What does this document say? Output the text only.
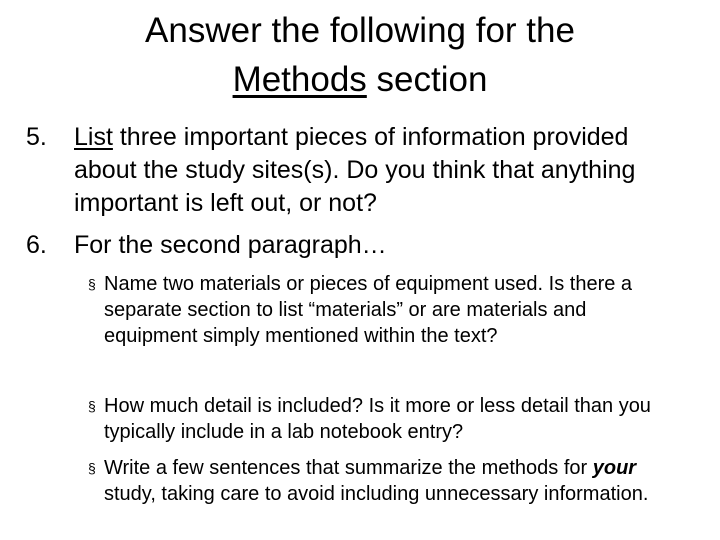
Answer the following for the
Methods section
5.	List three important pieces of information provided about the study sites(s). Do you think that anything important is left out, or not?
6.	For the second paragraph…
§ Name two materials or pieces of equipment used. Is there a separate section to list “materials” or are materials and equipment simply mentioned within the text?
§ How much detail is included? Is it more or less detail than you typically include in a lab notebook entry?
§ Write a few sentences that summarize the methods for your study, taking care to avoid including unnecessary information.
